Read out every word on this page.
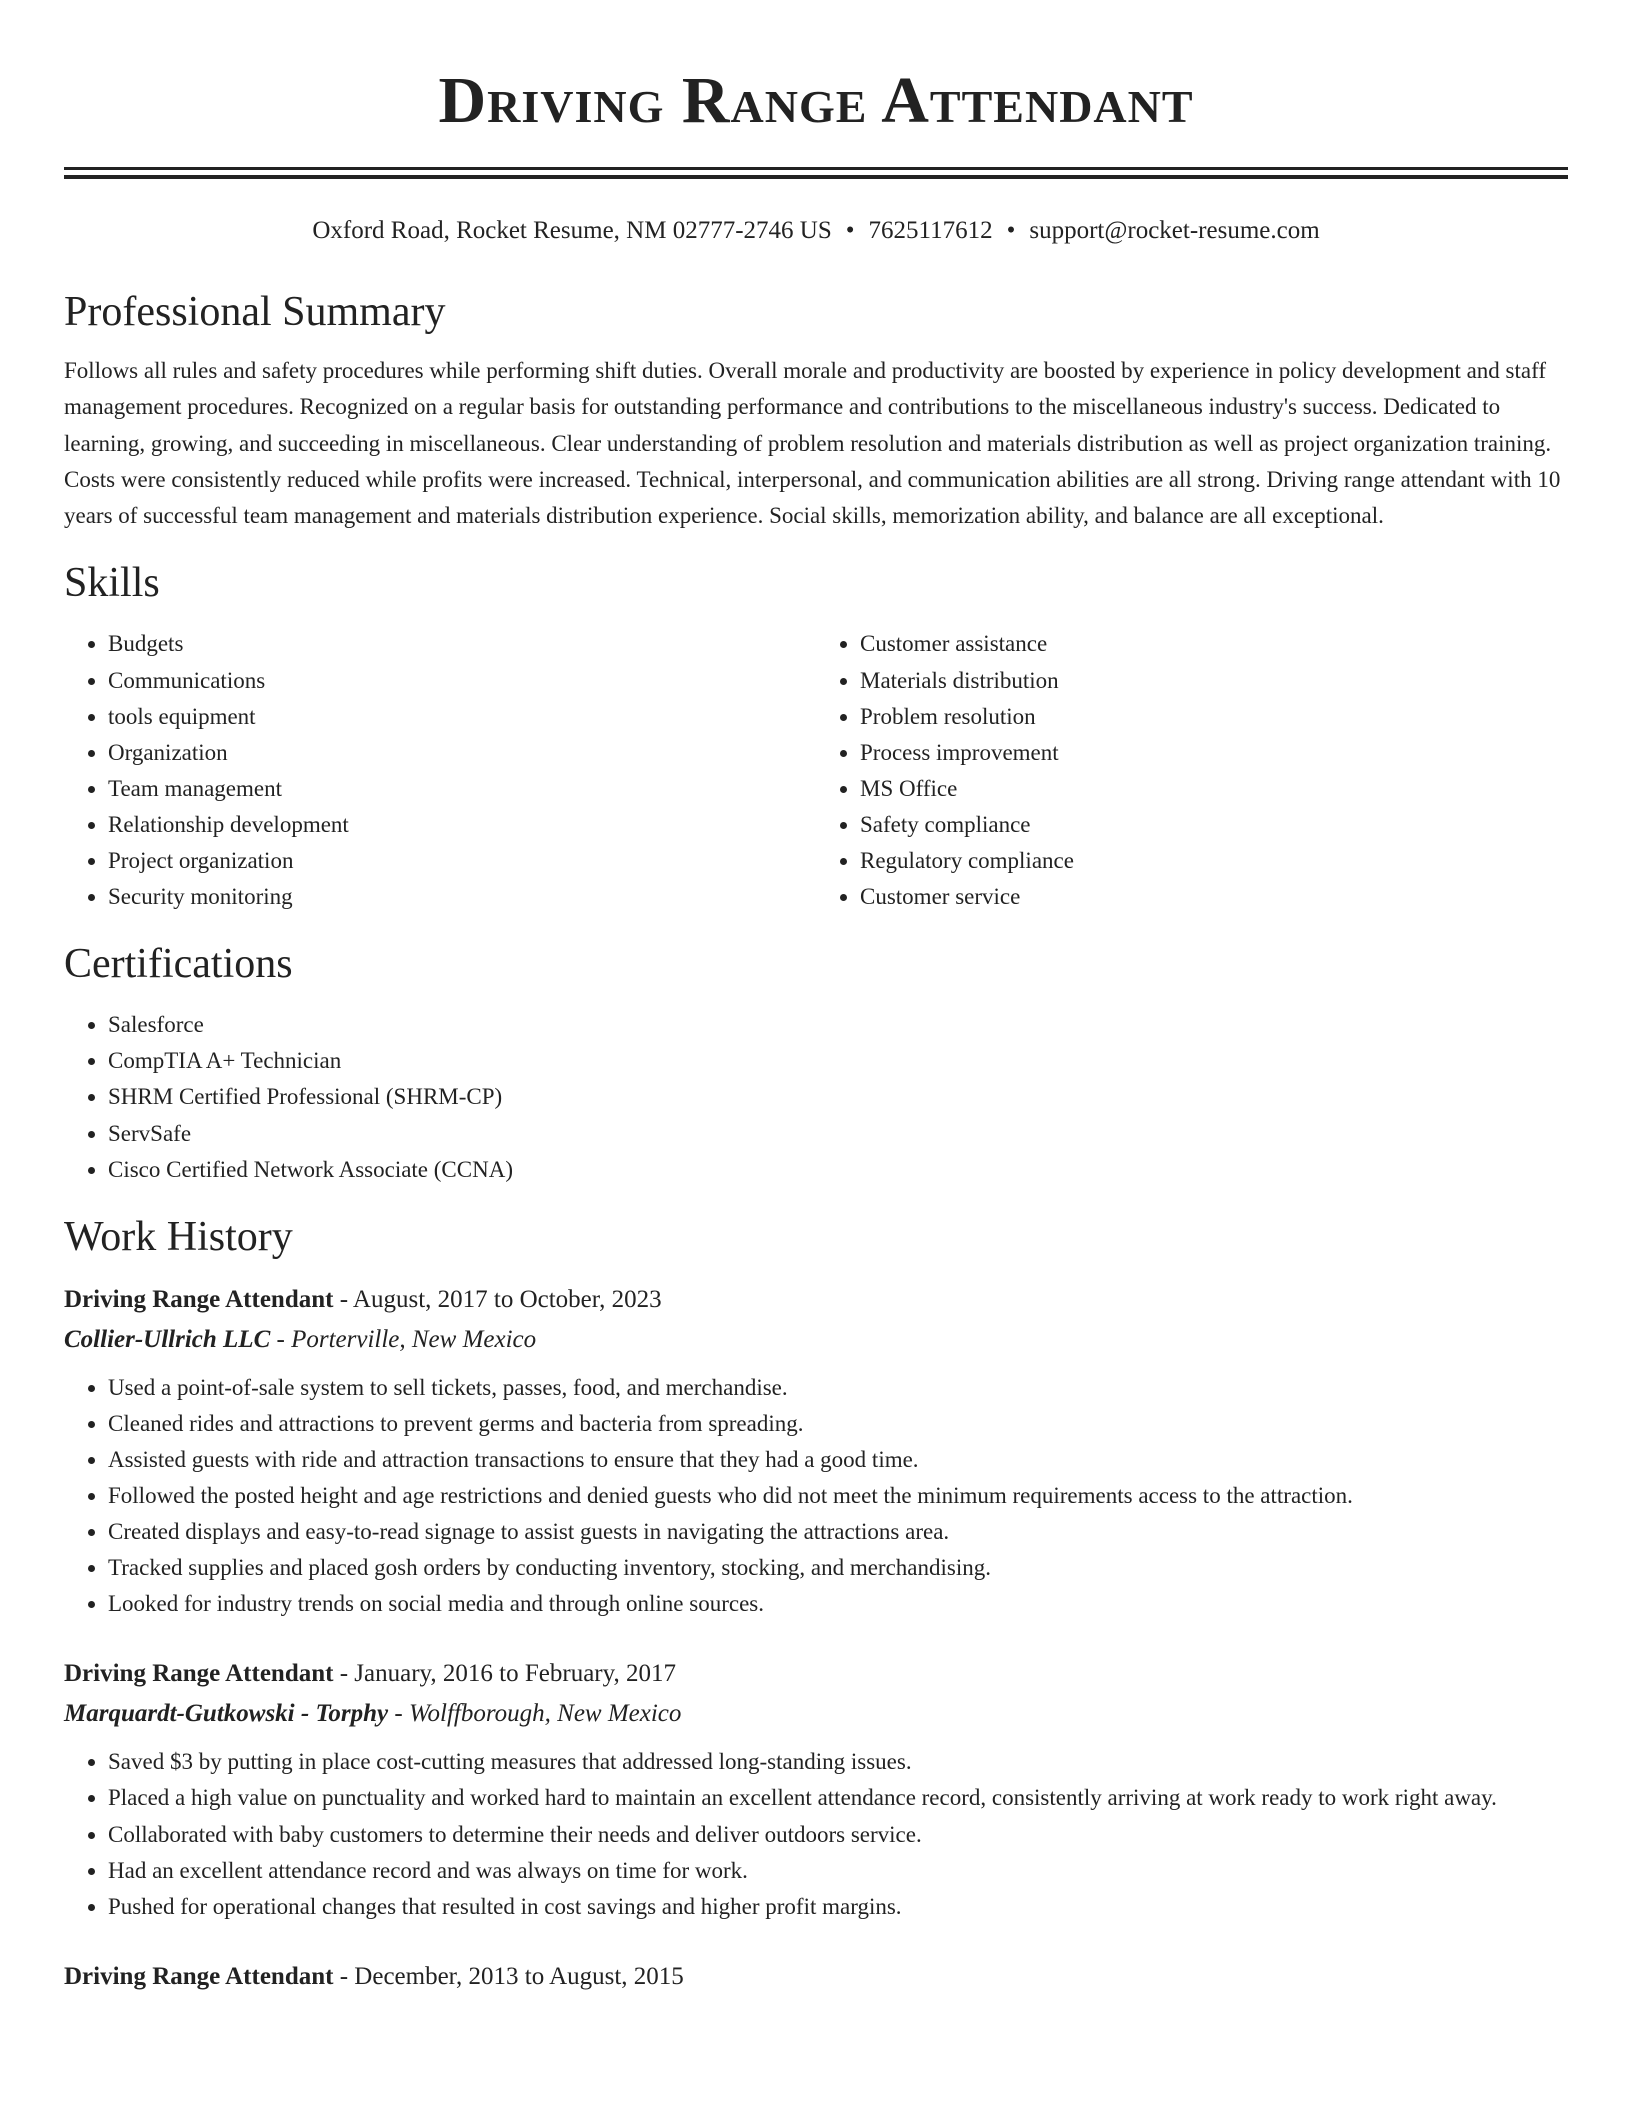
Driving Range Attendant
Oxford Road, Rocket Resume, NM 02777-2746 US • 7625117612 • support@rocket-resume.com
Professional Summary

Follows all rules and safety procedures while performing shift duties. Overall morale and productivity are boosted by experience in policy development and staff management procedures. Recognized on a regular basis for outstanding performance and contributions to the miscellaneous industry's success. Dedicated to learning, growing, and succeeding in miscellaneous. Clear understanding of problem resolution and materials distribution as well as project organization training. Costs were consistently reduced while profits were increased. Technical, interpersonal, and communication abilities are all strong. Driving range attendant with 10 years of successful team management and materials distribution experience. Social skills, memorization ability, and balance are all exceptional.

Skills
• Budgets
• Communications
• tools equipment
• Organization
• Team management
• Relationship development
• Project organization
• Security monitoring
• Customer assistance
• Materials distribution
• Problem resolution
• Process improvement
• MS Office
• Safety compliance
• Regulatory compliance
• Customer service
Certifications
• Salesforce
• CompTIA A+ Technician
• SHRM Certified Professional (SHRM-CP)
• ServSafe
• Cisco Certified Network Associate (CCNA)
Work History
Driving Range Attendant - August, 2017 to October, 2023
Collier-Ullrich LLC - Porterville, New Mexico
• Used a point-of-sale system to sell tickets, passes, food, and merchandise.
• Cleaned rides and attractions to prevent germs and bacteria from spreading.
• Assisted guests with ride and attraction transactions to ensure that they had a good time.
• Followed the posted height and age restrictions and denied guests who did not meet the minimum requirements access to the attraction.
• Created displays and easy-to-read signage to assist guests in navigating the attractions area.
• Tracked supplies and placed gosh orders by conducting inventory, stocking, and merchandising.
• Looked for industry trends on social media and through online sources.
Driving Range Attendant - January, 2016 to February, 2017
Marquardt-Gutkowski - Torphy - Wolffborough, New Mexico
• Saved $3 by putting in place cost-cutting measures that addressed long-standing issues.
• Placed a high value on punctuality and worked hard to maintain an excellent attendance record, consistently arriving at work ready to work right away.
• Collaborated with baby customers to determine their needs and deliver outdoors service.
• Had an excellent attendance record and was always on time for work.
• Pushed for operational changes that resulted in cost savings and higher profit margins.
Driving Range Attendant - December, 2013 to August, 2015
